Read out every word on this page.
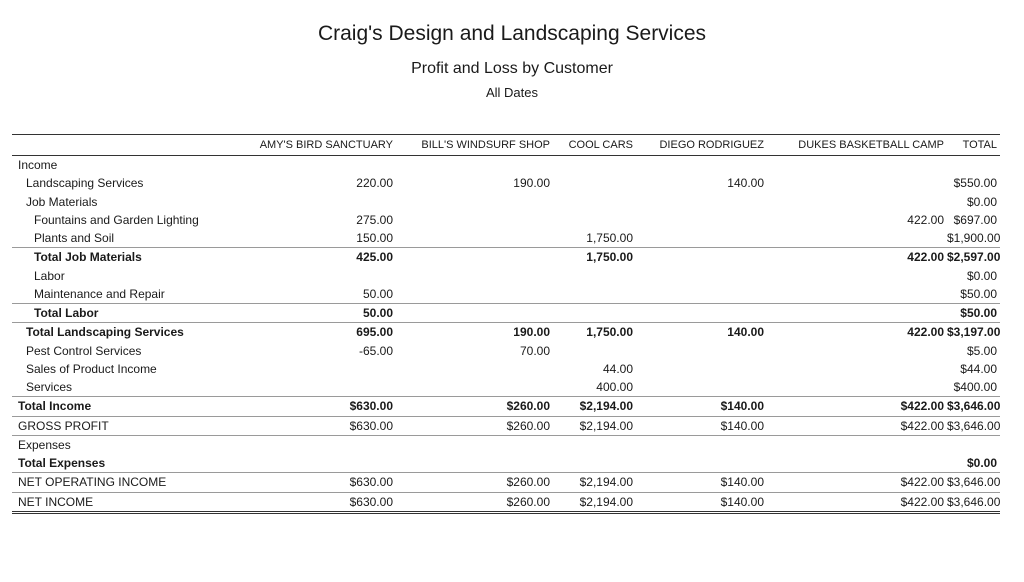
Craig's Design and Landscaping Services
Profit and Loss by Customer
All Dates
	AMY'S BIRD SANCTUARY	BILL'S WINDSURF SHOP	COOL CARS	DIEGO RODRIGUEZ	DUKES BASKETBALL CAMP	TOTAL
Income						
Landscaping Services	220.00	190.00		140.00		$550.00
Job Materials						$0.00
Fountains and Garden Lighting	275.00				422.00	$697.00
Plants and Soil	150.00		1,750.00			$1,900.00
Total Job Materials	425.00		1,750.00		422.00	$2,597.00
Labor						$0.00
Maintenance and Repair	50.00					$50.00
Total Labor	50.00					$50.00
Total Landscaping Services	695.00	190.00	1,750.00	140.00	422.00	$3,197.00
Pest Control Services	-65.00	70.00				$5.00
Sales of Product Income			44.00			$44.00
Services			400.00			$400.00
Total Income	$630.00	$260.00	$2,194.00	$140.00	$422.00	$3,646.00
GROSS PROFIT	$630.00	$260.00	$2,194.00	$140.00	$422.00	$3,646.00
Expenses						
Total Expenses						$0.00
NET OPERATING INCOME	$630.00	$260.00	$2,194.00	$140.00	$422.00	$3,646.00
NET INCOME	$630.00	$260.00	$2,194.00	$140.00	$422.00	$3,646.00
